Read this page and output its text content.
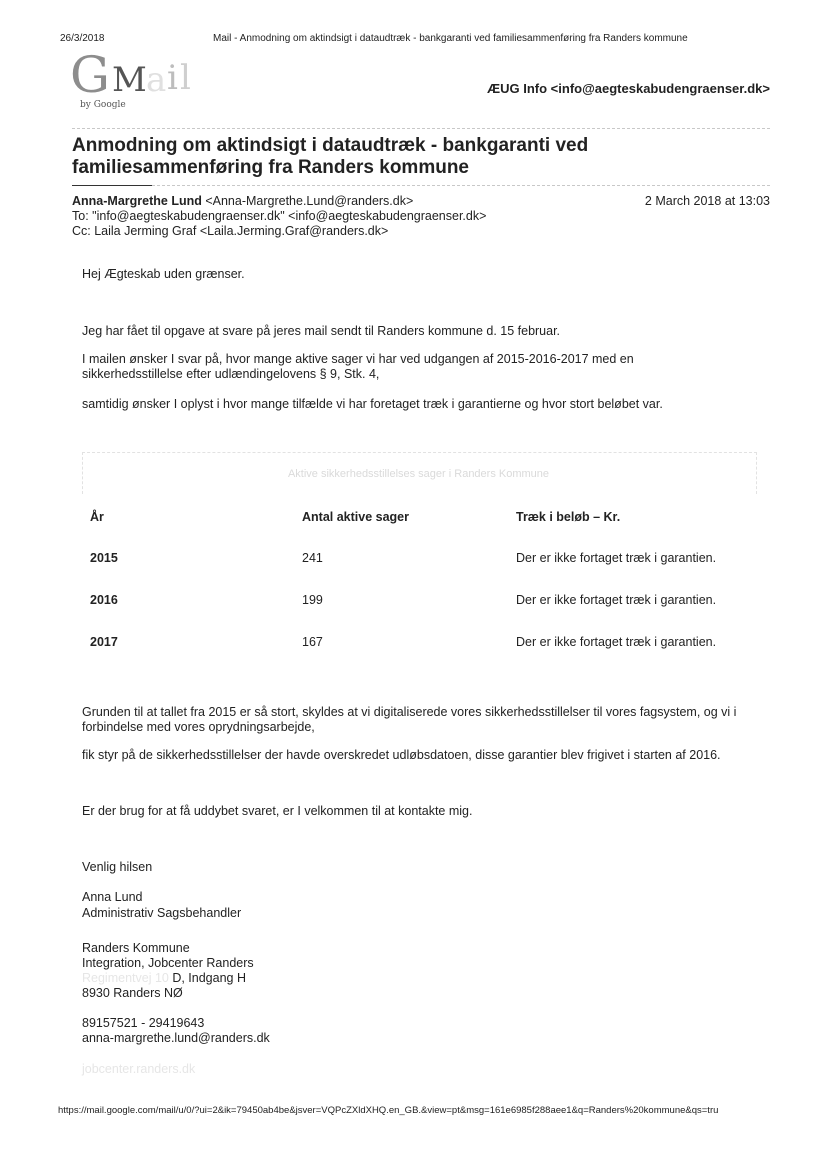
26/3/2018	Mail - Anmodning om aktindsigt i dataudtræk - bankgaranti ved familiesammenføring fra Randers kommune
G M a i l
by Google
ÆUG Info <info@aegteskabudengraenser.dk>
Anmodning om aktindsigt i dataudtræk - bankgaranti ved familiesammenføring fra Randers kommune
Anna-Margrethe Lund <Anna-Margrethe.Lund@randers.dk>	2 March 2018 at 13:03
To: "info@aegteskabudengraenser.dk" <info@aegteskabudengraenser.dk>
Cc: Laila Jerming Graf <Laila.Jerming.Graf@randers.dk>
Hej Ægteskab uden grænser.
Jeg har fået til opgave at svare på jeres mail sendt til Randers kommune d. 15 februar.
I mailen ønsker I svar på, hvor mange aktive sager vi har ved udgangen af 2015-2016-2017 med en sikkerhedsstillelse efter udlændingelovens § 9, Stk. 4,
samtidig ønsker I oplyst i hvor mange tilfælde vi har foretaget træk i garantierne og hvor stort beløbet var.
Aktive sikkerhedsstillelses sager i Randers Kommune
År	Antal aktive sager	Træk i beløb – Kr.
2015	241	Der er ikke fortaget træk i garantien.
2016	199	Der er ikke fortaget træk i garantien.
2017	167	Der er ikke fortaget træk i garantien.
Grunden til at tallet fra 2015 er så stort, skyldes at vi digitaliserede vores sikkerhedsstillelser til vores fagsystem, og vi i forbindelse med vores oprydningsarbejde,
fik styr på de sikkerhedsstillelser der havde overskredet udløbsdatoen, disse garantier blev frigivet i starten af 2016.
Er der brug for at få uddybet svaret, er I velkommen til at kontakte mig.
Venlig hilsen
Anna Lund
Administrativ Sagsbehandler
Randers Kommune
Integration, Jobcenter Randers
Regimentvej 10 D, Indgang H
8930 Randers NØ
89157521 - 29419643
anna-margrethe.lund@randers.dk
jobcenter.randers.dk
https://mail.google.com/mail/u/0/?ui=2&ik=79450ab4be&jsver=VQPcZXldXHQ.en_GB.&view=pt&msg=161e6985f288aee1&q=Randers%20kommune&qs=tru
